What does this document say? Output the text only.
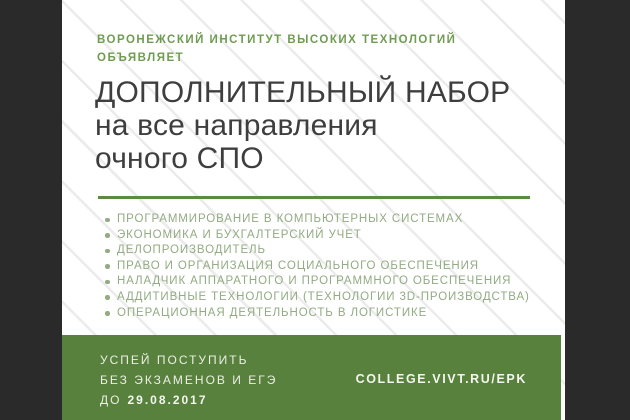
ВОРОНЕЖСКИЙ ИНСТИТУТ ВЫСОКИХ ТЕХНОЛОГИЙ
ОБЪЯВЛЯЕТ
ДОПОЛНИТЕЛЬНЫЙ НАБОР
на все направления
очного СПО
ПРОГРАММИРОВАНИЕ В КОМПЬЮТЕРНЫХ СИСТЕМАХ
ЭКОНОМИКА И БУХГАЛТЕРСКИЙ УЧЕТ
ДЕЛОПРОИЗВОДИТЕЛЬ
ПРАВО И ОРГАНИЗАЦИЯ СОЦИАЛЬНОГО ОБЕСПЕЧЕНИЯ
НАЛАДЧИК АППАРАТНОГО И ПРОГРАММНОГО ОБЕСПЕЧЕНИЯ
АДДИТИВНЫЕ ТЕХНОЛОГИИ (ТЕХНОЛОГИИ 3D-ПРОИЗВОДСТВА)
ОПЕРАЦИОННАЯ ДЕЯТЕЛЬНОСТЬ В ЛОГИСТИКЕ
УСПЕЙ ПОСТУПИТЬ
БЕЗ ЭКЗАМЕНОВ И ЕГЭ
ДО 29.08.2017
COLLEGE.VIVT.RU/EPK
